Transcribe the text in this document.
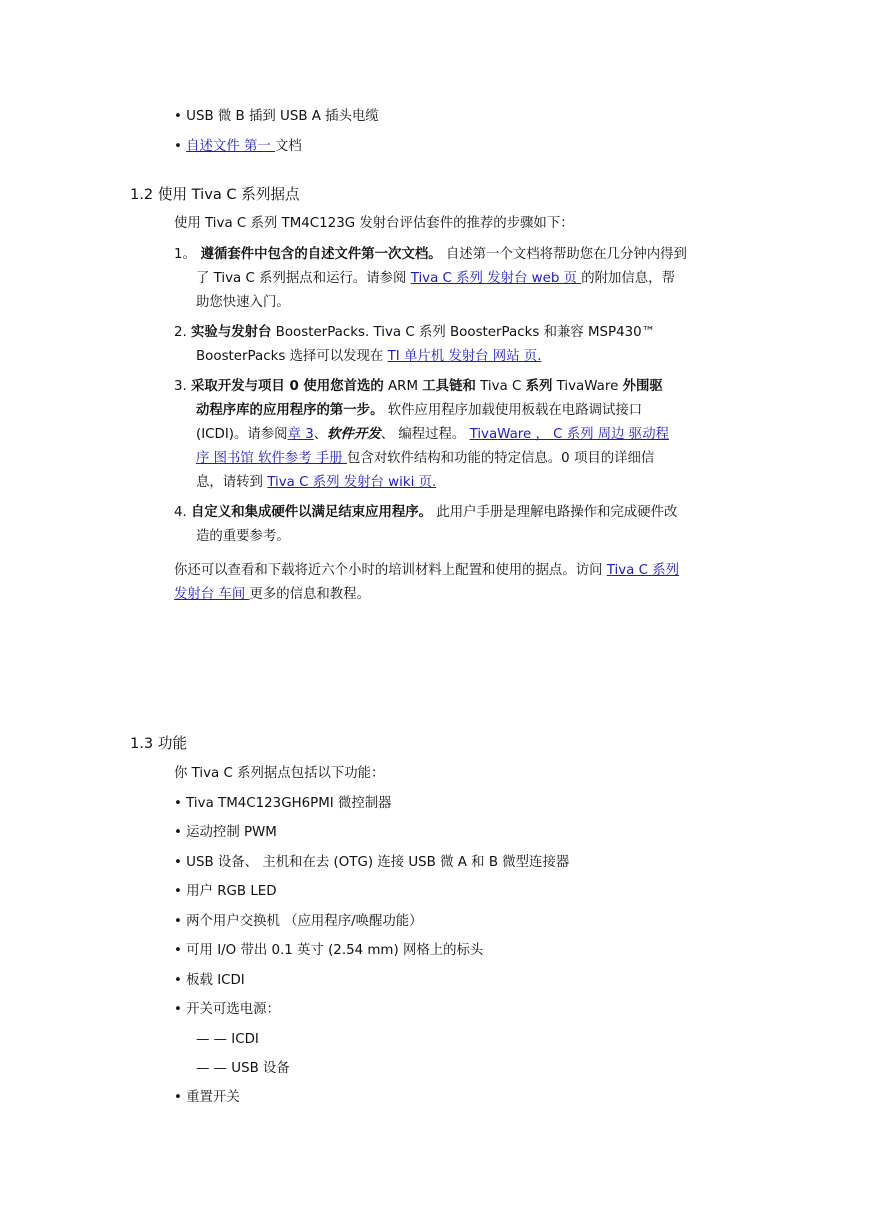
• USB 微 B 插到 USB A 插头电缆
• 自述文件 第一 文档
1.2 使用 Tiva C 系列据点
使用 Tiva C 系列 TM4C123G 发射台评估套件的推荐的步骤如下：
1。 遵循套件中包含的自述文件第一次文档。 自述第一个文档将帮助您在几分钟内得到
了 Tiva C 系列据点和运行。请参阅 Tiva C 系列 发射台 web 页 的附加信息，帮
助您快速入门。
2. 实验与发射台 BoosterPacks. Tiva C 系列 BoosterPacks 和兼容 MSP430™
BoosterPacks 选择可以发现在 TI 单片机 发射台 网站 页.
3. 采取开发与项目 0 使用您首选的 ARM 工具链和 Tiva C 系列 TivaWare 外围驱
动程序库的应用程序的第一步。 软件应用程序加载使用板载在电路调试接口
(ICDI)。请参阅章 3、软件开发、 编程过程。 TivaWare ， C 系列 周边 驱动程
序 图书馆 软件参考 手册 包含对软件结构和功能的特定信息。0 项目的详细信
息，请转到 Tiva C 系列 发射台 wiki 页.
4. 自定义和集成硬件以满足结束应用程序。 此用户手册是理解电路操作和完成硬件改
造的重要参考。
你还可以查看和下载将近六个小时的培训材料上配置和使用的据点。访问 Tiva C 系列
发射台 车间 更多的信息和教程。
1.3 功能
你 Tiva C 系列据点包括以下功能：
• Tiva TM4C123GH6PMI 微控制器
• 运动控制 PWM
• USB 设备、 主机和在去 (OTG) 连接 USB 微 A 和 B 微型连接器
• 用户 RGB LED
• 两个用户交换机 （应用程序/唤醒功能）
• 可用 I/O 带出 0.1 英寸 (2.54 mm) 网格上的标头
• 板载 ICDI
• 开关可选电源：
— — ICDI
— — USB 设备
• 重置开关
